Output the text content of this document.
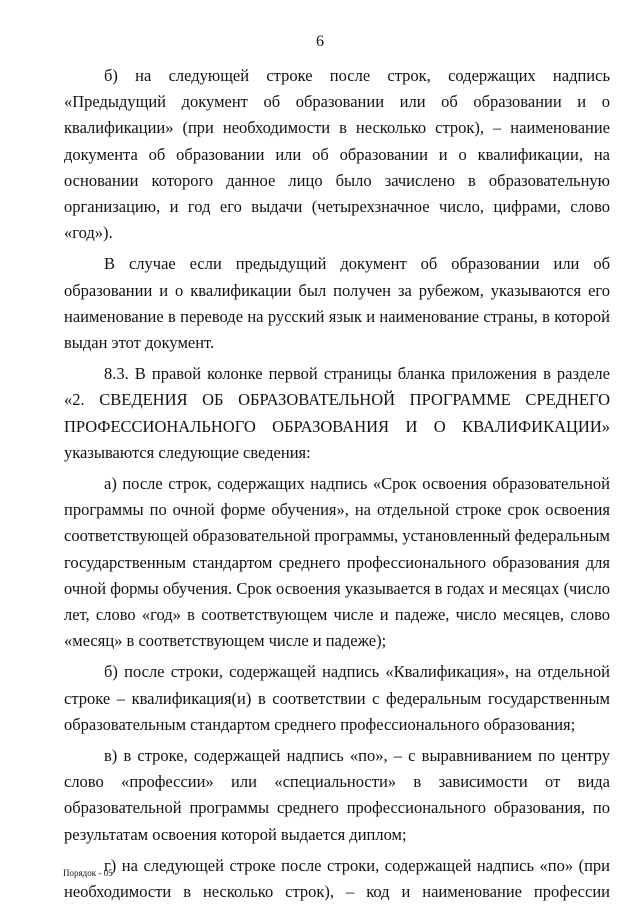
6

б) на следующей строке после строк, содержащих надпись «Предыдущий документ об образовании или об образовании и о квалификации» (при необходимости в несколько строк), – наименование документа об образовании или об образовании и о квалификации, на основании которого данное лицо было зачислено в образовательную организацию, и год его выдачи (четырехзначное число, цифрами, слово «год»).

В случае если предыдущий документ об образовании или об образовании и о квалификации был получен за рубежом, указываются его наименование в переводе на русский язык и наименование страны, в которой выдан этот документ.

8.3. В правой колонке первой страницы бланка приложения в разделе «2. СВЕДЕНИЯ ОБ ОБРАЗОВАТЕЛЬНОЙ ПРОГРАММЕ СРЕДНЕГО ПРОФЕССИОНАЛЬНОГО ОБРАЗОВАНИЯ И О КВАЛИФИКАЦИИ» указываются следующие сведения:

а) после строк, содержащих надпись «Срок освоения образовательной программы по очной форме обучения», на отдельной строке срок освоения соответствующей образовательной программы, установленный федеральным государственным стандартом среднего профессионального образования для очной формы обучения. Срок освоения указывается в годах и месяцах (число лет, слово «год» в соответствующем числе и падеже, число месяцев, слово «месяц» в соответствующем числе и падеже);

б) после строки, содержащей надпись «Квалификация», на отдельной строке – квалификация(и) в соответствии с федеральным государственным образовательным стандартом среднего профессионального образования;

в) в строке, содержащей надпись «по», – с выравниванием по центру слово «профессии» или «специальности» в зависимости от вида образовательной программы среднего профессионального образования, по результатам освоения которой выдается диплом;

г) на следующей строке после строки, содержащей надпись «по» (при необходимости в несколько строк), – код и наименование профессии

Порядок - 05
